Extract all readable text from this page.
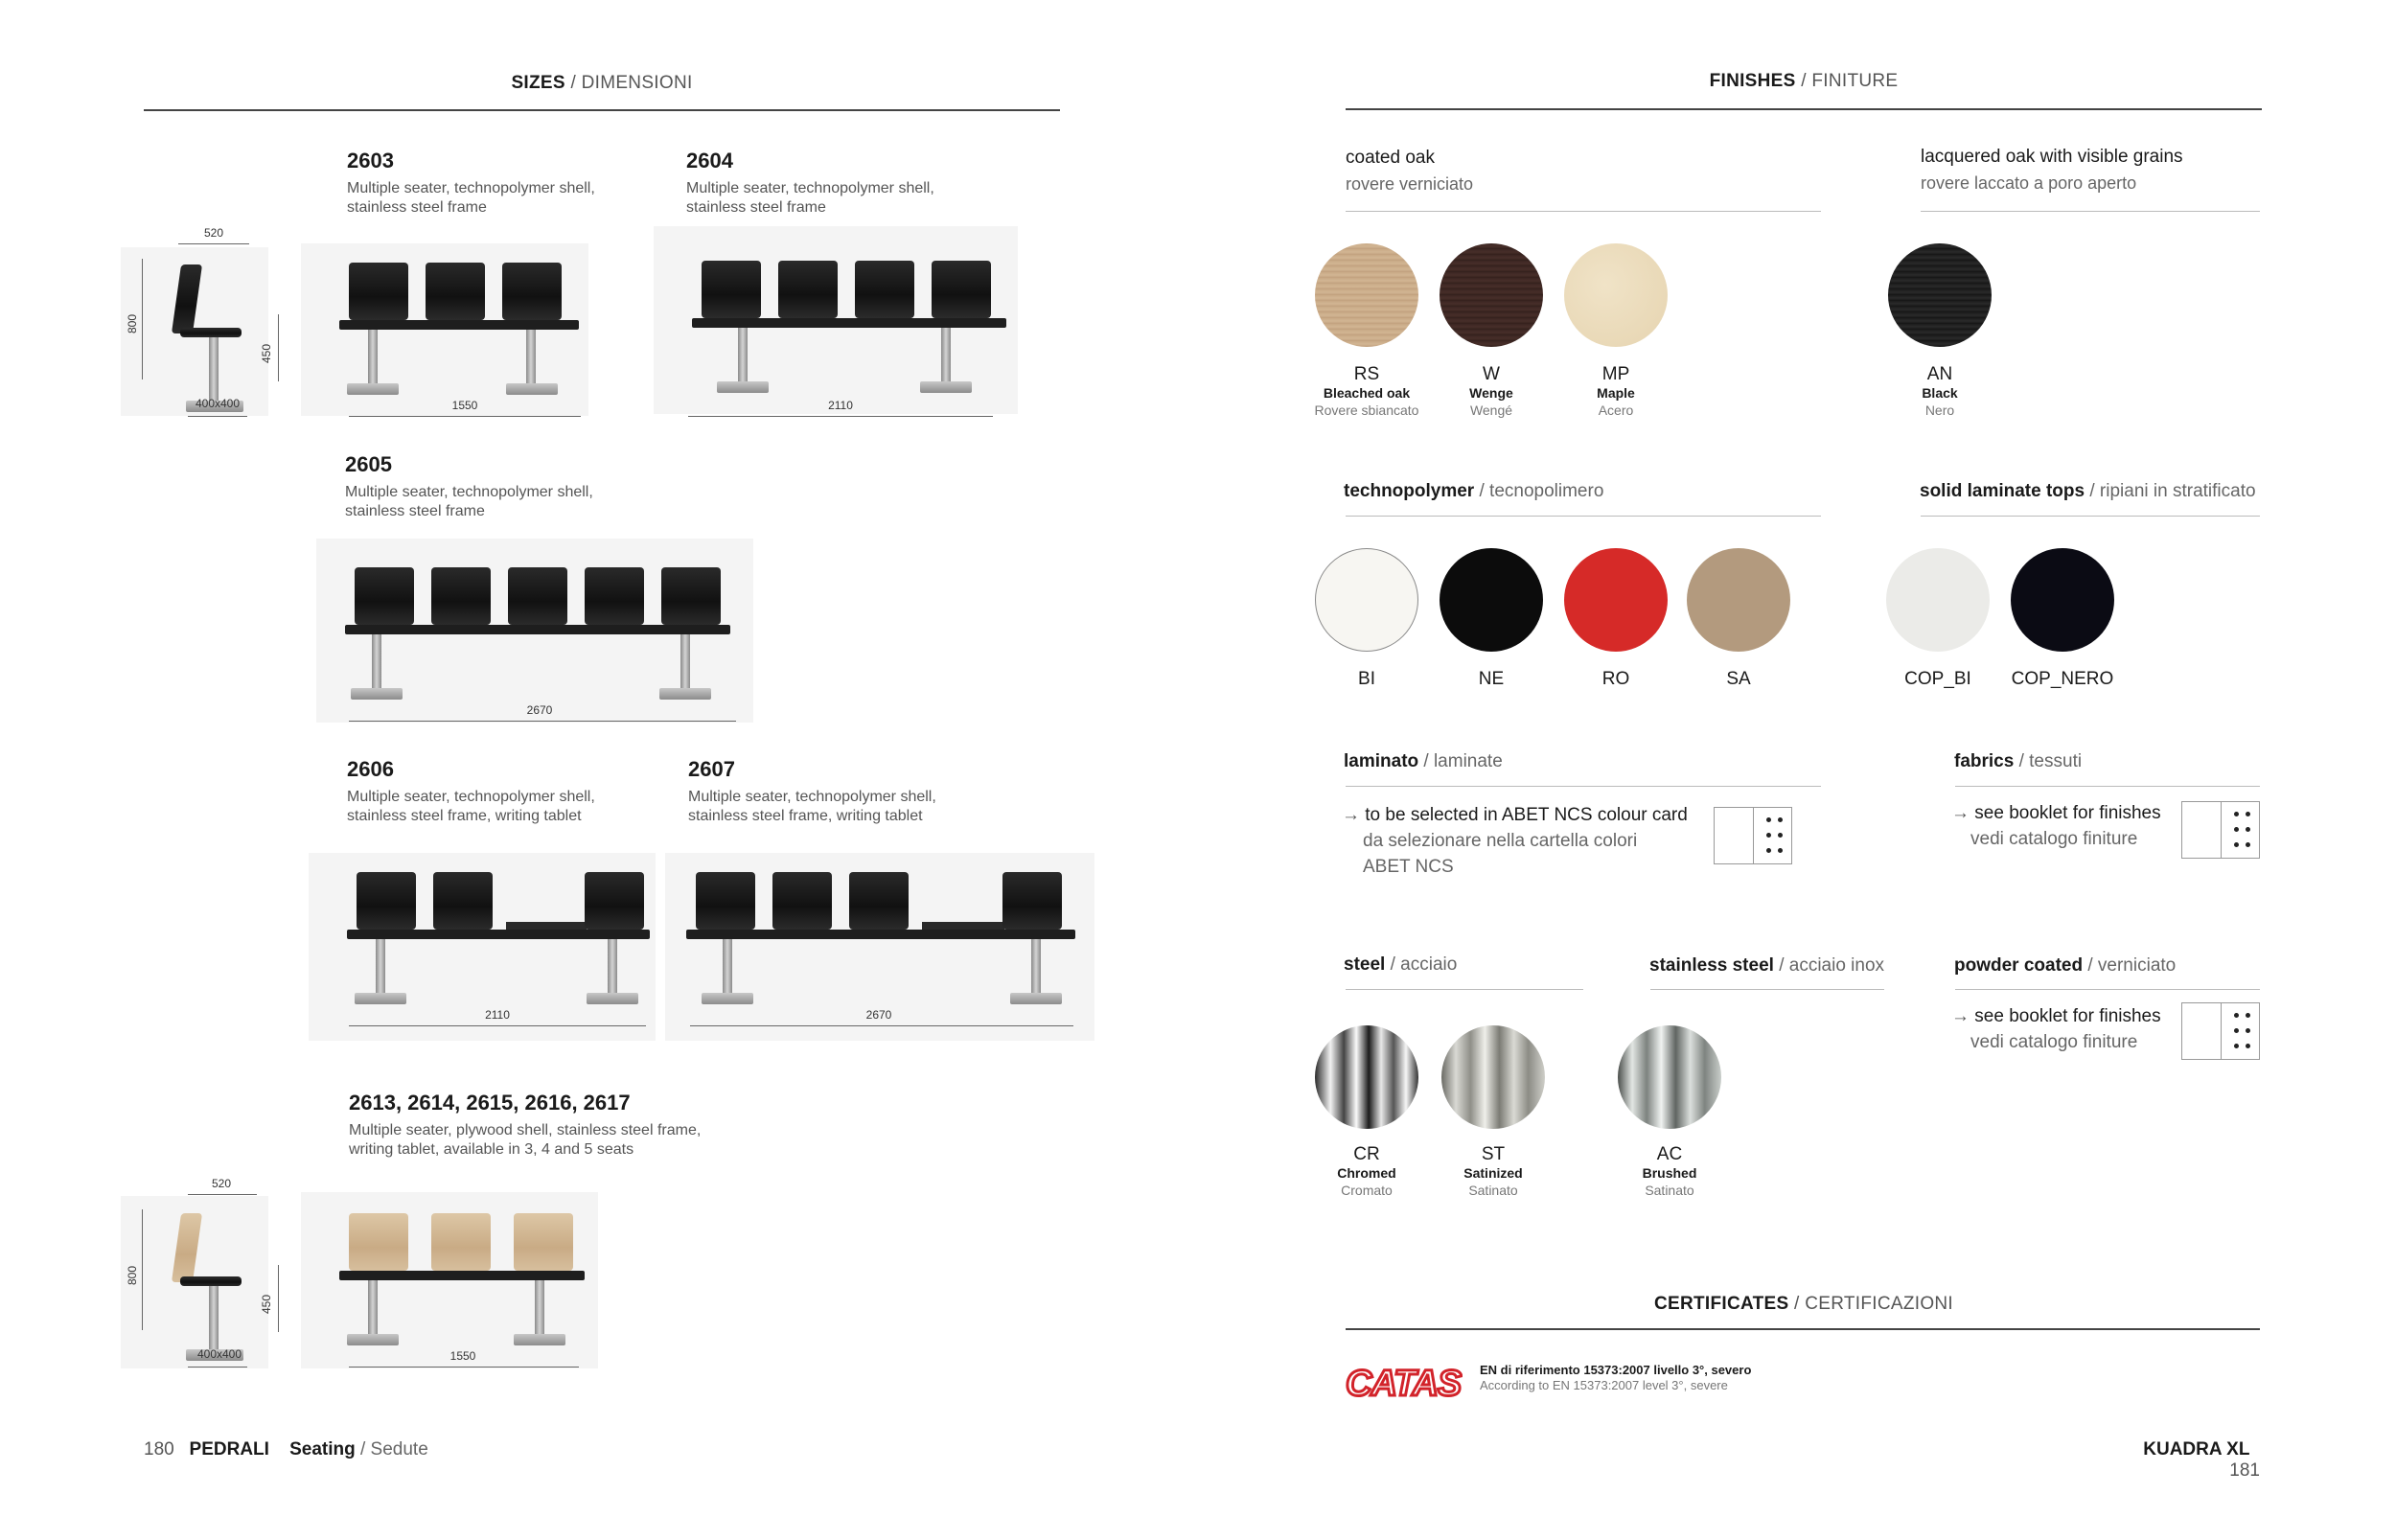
SIZES / DIMENSIONI
2603
Multiple seater, technopolymer shell,
stainless steel frame
520
800
450
400x400	1550
2604
Multiple seater, technopolymer shell,
stainless steel frame
2110
2605
Multiple seater, technopolymer shell,
stainless steel frame
2670
2606
Multiple seater, technopolymer shell,
stainless steel frame, writing tablet
2110
2607
Multiple seater, technopolymer shell,
stainless steel frame, writing tablet
2670
2613, 2614, 2615, 2616, 2617
Multiple seater, plywood shell, stainless steel frame,
writing tablet, available in 3, 4 and 5 seats
520
800
450
400x400	1550
180 PEDRALI Seating / Sedute
FINISHES / FINITURE
coated oak
rovere verniciato
lacquered oak with visible grains
rovere laccato a poro aperto
RS
Bleached oak
Rovere sbiancato
W
Wenge
Wengé
MP
Maple
Acero
AN
Black
Nero
technopolymer / tecnopolimero	solid laminate tops / ripiani in stratificato
BI	NE	RO	SA	COP_BI	COP_NERO
laminato / laminate
→ to be selected in ABET NCS colour card
da selezionare nella cartella colori
ABET NCS
fabrics / tessuti
→ see booklet for finishes
vedi catalogo finiture
steel / acciaio	stainless steel / acciaio inox	powder coated / verniciato
→ see booklet for finishes
vedi catalogo finiture
CR
Chromed
Cromato
ST
Satinized
Satinato
AC
Brushed
Satinato
CERTIFICATES / CERTIFICAZIONI
CATAS EN di riferimento 15373:2007 livello 3°, severo
According to EN 15373:2007 level 3°, severe
KUADRA XL   181
